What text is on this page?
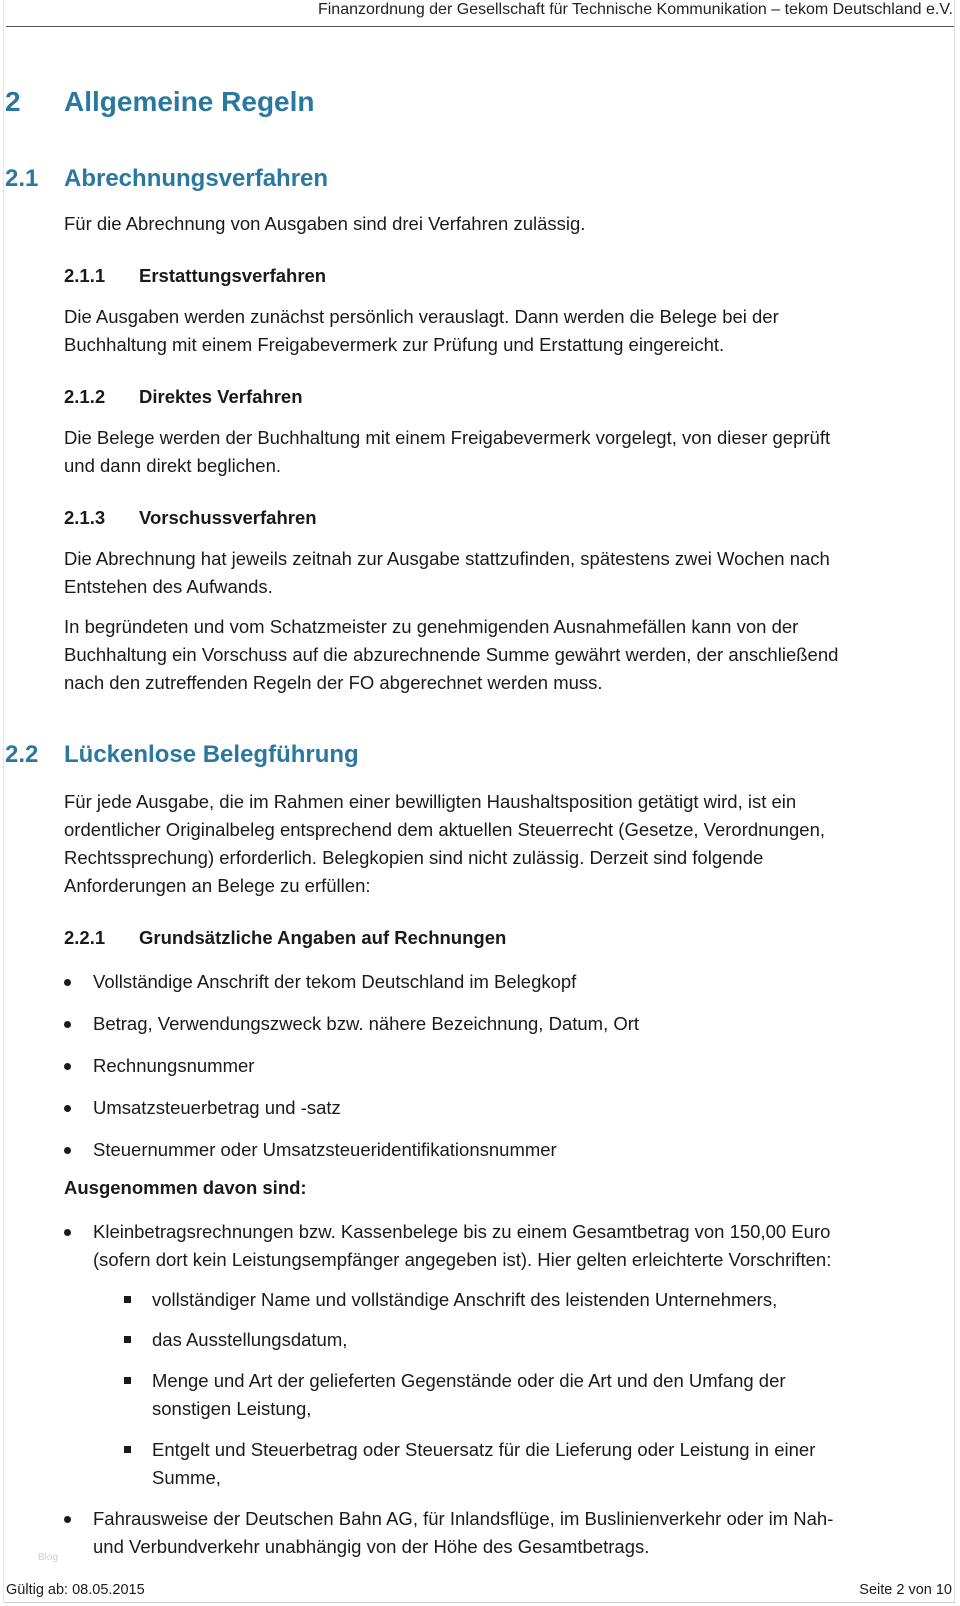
Finanzordnung der Gesellschaft für Technische Kommunikation – tekom Deutschland e.V.
2 Allgemeine Regeln
2.1 Abrechnungsverfahren
Für die Abrechnung von Ausgaben sind drei Verfahren zulässig.
2.1.1 Erstattungsverfahren
Die Ausgaben werden zunächst persönlich verauslagt. Dann werden die Belege bei der
Buchhaltung mit einem Freigabevermerk zur Prüfung und Erstattung eingereicht.
2.1.2 Direktes Verfahren
Die Belege werden der Buchhaltung mit einem Freigabevermerk vorgelegt, von dieser geprüft
und dann direkt beglichen.
2.1.3 Vorschussverfahren
Die Abrechnung hat jeweils zeitnah zur Ausgabe stattzufinden, spätestens zwei Wochen nach
Entstehen des Aufwands.
In begründeten und vom Schatzmeister zu genehmigenden Ausnahmefällen kann von der
Buchhaltung ein Vorschuss auf die abzurechnende Summe gewährt werden, der anschließend
nach den zutreffenden Regeln der FO abgerechnet werden muss.
2.2 Lückenlose Belegführung
Für jede Ausgabe, die im Rahmen einer bewilligten Haushaltsposition getätigt wird, ist ein
ordentlicher Originalbeleg entsprechend dem aktuellen Steuerrecht (Gesetze, Verordnungen,
Rechtssprechung) erforderlich. Belegkopien sind nicht zulässig. Derzeit sind folgende
Anforderungen an Belege zu erfüllen:
2.2.1 Grundsätzliche Angaben auf Rechnungen
Vollständige Anschrift der tekom Deutschland im Belegkopf
Betrag, Verwendungszweck bzw. nähere Bezeichnung, Datum, Ort
Rechnungsnummer
Umsatzsteuerbetrag und -satz
Steuernummer oder Umsatzsteueridentifikationsnummer
Ausgenommen davon sind:
Kleinbetragsrechnungen bzw. Kassenbelege bis zu einem Gesamtbetrag von 150,00 Euro
(sofern dort kein Leistungsempfänger angegeben ist). Hier gelten erleichterte Vorschriften:
vollständiger Name und vollständige Anschrift des leistenden Unternehmers,
das Ausstellungsdatum,
Menge und Art der gelieferten Gegenstände oder die Art und den Umfang der
sonstigen Leistung,
Entgelt und Steuerbetrag oder Steuersatz für die Lieferung oder Leistung in einer
Summe,
Fahrausweise der Deutschen Bahn AG, für Inlandsflüge, im Buslinienverkehr oder im Nah-
und Verbundverkehr unabhängig von der Höhe des Gesamtbetrags.
Blog
Gültig ab: 08.05.2015	Seite 2 von 10
